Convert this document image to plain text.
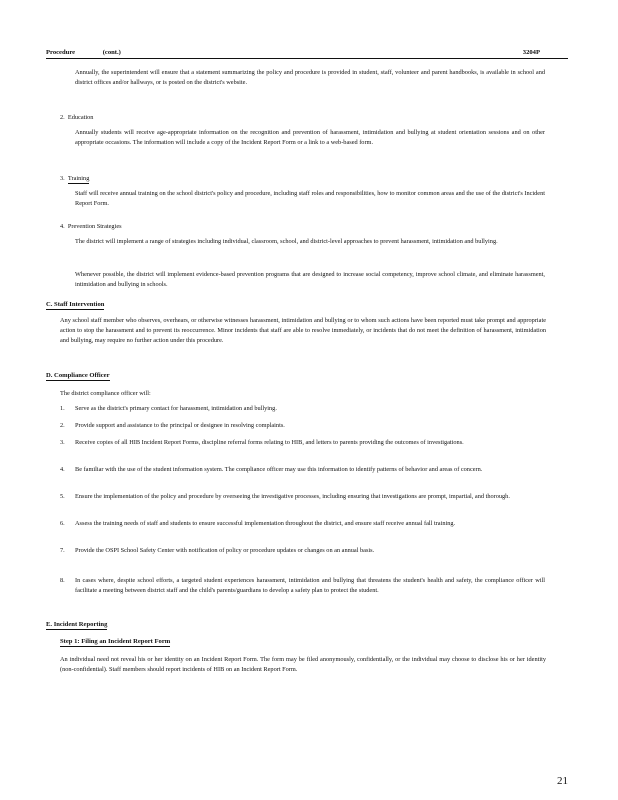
Procedure	(cont.)	3204P
Annually, the superintendent will ensure that a statement summarizing the policy and procedure is provided in student, staff, volunteer and parent handbooks, is available in school and district offices and/or hallways, or is posted on the district's website.
2. Education
Annually students will receive age-appropriate information on the recognition and prevention of harassment, intimidation and bullying at student orientation sessions and on other appropriate occasions. The information will include a copy of the Incident Report Form or a link to a web-based form.
3. Training
Staff will receive annual training on the school district's policy and procedure, including staff roles and responsibilities, how to monitor common areas and the use of the district's Incident Report Form.
4. Prevention Strategies
The district will implement a range of strategies including individual, classroom, school, and district-level approaches to prevent harassment, intimidation and bullying.
Whenever possible, the district will implement evidence-based prevention programs that are designed to increase social competency, improve school climate, and eliminate harassment, intimidation and bullying in schools.
C. Staff Intervention
Any school staff member who observes, overhears, or otherwise witnesses harassment, intimidation and bullying or to whom such actions have been reported must take prompt and appropriate action to stop the harassment and to prevent its reoccurrence. Minor incidents that staff are able to resolve immediately, or incidents that do not meet the definition of harassment, intimidation and bullying, may require no further action under this procedure.
D. Compliance Officer
The district compliance officer will:
1. Serve as the district's primary contact for harassment, intimidation and bullying.
2. Provide support and assistance to the principal or designee in resolving complaints.
3. Receive copies of all HIB Incident Report Forms, discipline referral forms relating to HIB, and letters to parents providing the outcomes of investigations.
4. Be familiar with the use of the student information system. The compliance officer may use this information to identify patterns of behavior and areas of concern.
5. Ensure the implementation of the policy and procedure by overseeing the investigative processes, including ensuring that investigations are prompt, impartial, and thorough.
6. Assess the training needs of staff and students to ensure successful implementation throughout the district, and ensure staff receive annual fall training.
7. Provide the OSPI School Safety Center with notification of policy or procedure updates or changes on an annual basis.
8. In cases where, despite school efforts, a targeted student experiences harassment, intimidation and bullying that threatens the student's health and safety, the compliance officer will facilitate a meeting between district staff and the child's parents/guardians to develop a safety plan to protect the student.
E. Incident Reporting
Step 1: Filing an Incident Report Form
An individual need not reveal his or her identity on an Incident Report Form. The form may be filed anonymously, confidentially, or the individual may choose to disclose his or her identity (non-confidential). Staff members should report incidents of HIB on an Incident Report Form.
21
